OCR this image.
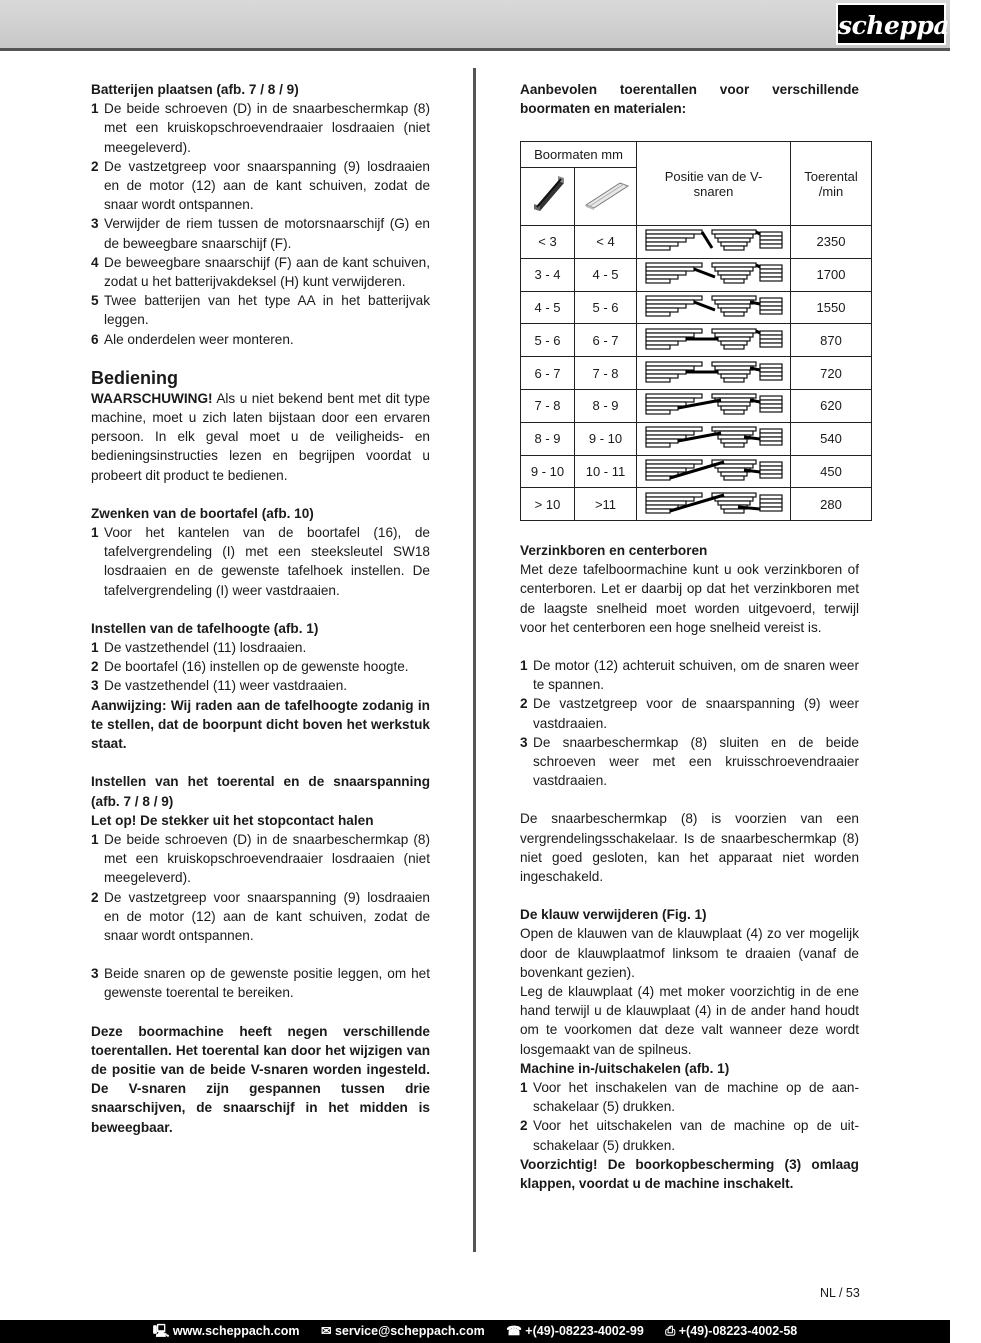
scheppach

Batterijen plaatsen (afb. 7 / 8 / 9)

1 De beide schroeven (D) in de snaarbeschermkap (8) met een kruiskopschroevendraaier losdraaien (niet meegeleverd).
2 De vastzetgreep voor snaarspanning (9) losdraaien en de motor (12) aan de kant schuiven, zodat de snaar wordt ontspannen.
3 Verwijder de riem tussen de motorsnaarschijf (G) en de beweegbare snaarschijf (F).
4 De beweegbare snaarschijf (F) aan de kant schuiven, zodat u het batterijvakdeksel (H) kunt verwijderen.
5 Twee batterijen van het type AA in het batterijvak leggen.
6 Ale onderdelen weer monteren.

Bediening

WAARSCHUWING! Als u niet bekend bent met dit type machine, moet u zich laten bijstaan door een ervaren persoon. In elk geval moet u de veiligheids- en bedieningsinstructies lezen en begrijpen voordat u probeert dit product te bedienen.

Zwenken van de boortafel (afb. 10)

1 Voor het kantelen van de boortafel (16), de tafelvergrendeling (I) met een steeksleutel SW18 losdraaien en de gewenste tafelhoek instellen. De tafelvergrendeling (I) weer vastdraaien.

Instellen van de tafelhoogte (afb. 1)

1 De vastzethendel (11) losdraaien.
2 De boortafel (16) instellen op de gewenste hoogte.
3 De vastzethendel (11) weer vastdraaien.

Aanwijzing: Wij raden aan de tafelhoogte zodanig in te stellen, dat de boorpunt dicht boven het werkstuk staat.

Instellen van het toerental en de snaarspanning (afb. 7 / 8 / 9)

Let op! De stekker uit het stopcontact halen

1 De beide schroeven (D) in de snaarbeschermkap (8) met een kruiskopschroevendraaier losdraaien (niet meegeleverd).
2 De vastzetgreep voor snaarspanning (9) losdraaien en de motor (12) aan de kant schuiven, zodat de snaar wordt ontspannen.
3 Beide snaren op de gewenste positie leggen, om het gewenste toerental te bereiken.

Deze boormachine heeft negen verschillende toerentallen. Het toerental kan door het wijzigen van de positie van de beide V-snaren worden ingesteld. De V-snaren zijn gespannen tussen drie snaarschijven, de snaarschijf in het midden is beweegbaar.

Aanbevolen toerentallen voor verschillende boormaten en materialen:

Boormaten mm		Positie van de V-snaren	Toerental /min

< 3	< 4		2350
3 - 4	4 - 5		1700
4 - 5	5 - 6		1550
5 - 6	6 - 7		870
6 - 7	7 - 8		720
7 - 8	8 - 9		620
8 - 9	9 - 10		540
9 - 10	10 - 11		450
> 10	>11		280

Verzinkboren en centerboren

Met deze tafelboormachine kunt u ook verzinkboren of centerboren. Let er daarbij op dat het verzinkboren met de laagste snelheid moet worden uitgevoerd, terwijl voor het centerboren een hoge snelheid vereist is.

1 De motor (12) achteruit schuiven, om de snaren weer te spannen.
2 De vastzetgreep voor de snaarspanning (9) weer vastdraaien.
3 De snaarbeschermkap (8) sluiten en de beide schroeven weer met een kruisschroevendraaier vastdraaien.

De snaarbeschermkap (8) is voorzien van een vergrendelingsschakelaar. Is de snaarbeschermkap (8) niet goed gesloten, kan het apparaat niet worden ingeschakeld.

De klauw verwijderen (Fig. 1)

Open de klauwen van de klauwplaat (4) zo ver mogelijk door de klauwplaatmof linksom te draaien (vanaf de bovenkant gezien).

Leg de klauwplaat (4) met moker voorzichtig in de ene hand terwijl u de klauwplaat (4) in de ander hand houdt om te voorkomen dat deze valt wanneer deze wordt losgemaakt van de spilneus.

Machine in-/uitschakelen (afb. 1)

1 Voor het inschakelen van de machine op de aan-schakelaar (5) drukken.
2 Voor het uitschakelen van de machine op de uit-schakelaar (5) drukken.

Voorzichtig! De boorkopbescherming (3) omlaag klappen, voordat u de machine inschakelt.

NL / 53
🖳 www.scheppach.com ✉ service@scheppach.com ☎ +(49)-08223-4002-99 ⎙ +(49)-08223-4002-58
